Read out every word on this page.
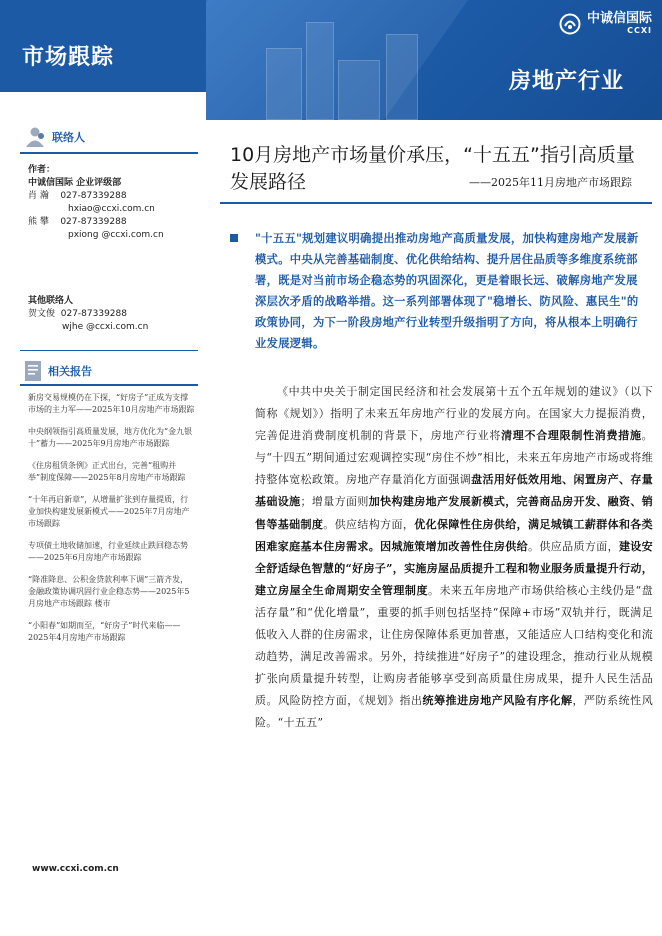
市场跟踪
联络人
作者：
中诚信国际 企业评级部
肖 瀚 027-87339288
hxiao@ccxi.com.cn
熊 攀 027-87339288
pxiong @ccxi.com.cn
其他联络人
贺文俊 027-87339288
wjhe @ccxi.com.cn
相关报告
新房交易规模仍在下探，“好房子”正成为支撑市场的主力军——2025年10月房地产市场跟踪
中央纲领指引高质量发展，地方优化为“金九银十”蓄力——2025年9月房地产市场跟踪
《住房租赁条例》正式出台，完善“租购并举”制度保障——2025年8月房地产市场跟踪
“十年再启新章”，从增量扩张到存量提质，行业加快构建发展新模式——2025年7月房地产市场跟踪
专项债土地收储加速，行业延续止跌回稳态势——2025年6月房地产市场跟踪
“降准降息、公积金贷款利率下调”三箭齐发，金融政策协调巩固行业企稳态势——2025年5月房地产市场跟踪 楼市
“小阳春”如期而至，“好房子”时代来临——2025年4月房地产市场跟踪
www.ccxi.com.cn
中诚信国际
CCXI
房地产行业
10月房地产市场量价承压，“十五五”指引高质量发展路径	——2025年11月房地产市场跟踪
"十五五"规划建议明确提出推动房地产高质量发展，加快构建房地产发展新模式。中央从完善基础制度、优化供给结构、提升居住品质等多维度系统部署，既是对当前市场企稳态势的巩固深化，更是着眼长远、破解房地产发展深层次矛盾的战略举措。这一系列部署体现了"稳增长、防风险、惠民生"的政策协同，为下一阶段房地产行业转型升级指明了方向，将从根本上明确行业发展逻辑。
《中共中央关于制定国民经济和社会发展第十五个五年规划的建议》（以下简称《规划》）指明了未来五年房地产行业的发展方向。在国家大力提振消费，完善促进消费制度机制的背景下，房地产行业将清理不合理限制性消费措施。与“十四五”期间通过宏观调控实现“房住不炒”相比，未来五年房地产市场或将维持整体宽松政策。房地产存量消化方面强调盘活用好低效用地、闲置房产、存量基础设施；增量方面则加快构建房地产发展新模式，完善商品房开发、融资、销售等基础制度。供应结构方面，优化保障性住房供给，满足城镇工薪群体和各类困难家庭基本住房需求。因城施策增加改善性住房供给。供应品质方面，建设安全舒适绿色智慧的“好房子”，实施房屋品质提升工程和物业服务质量提升行动，建立房屋全生命周期安全管理制度。未来五年房地产市场供给核心主线仍是“盘活存量”和“优化增量”，重要的抓手则包括坚持“保障+市场”双轨并行，既满足低收入人群的住房需求，让住房保障体系更加普惠，又能适应人口结构变化和流动趋势，满足改善需求。另外，持续推进“好房子”的建设理念，推动行业从规模扩张向质量提升转型，让购房者能够享受到高质量住房成果，提升人民生活品质。风险防控方面，《规划》指出统筹推进房地产风险有序化解，严防系统性风险。“十五五”
